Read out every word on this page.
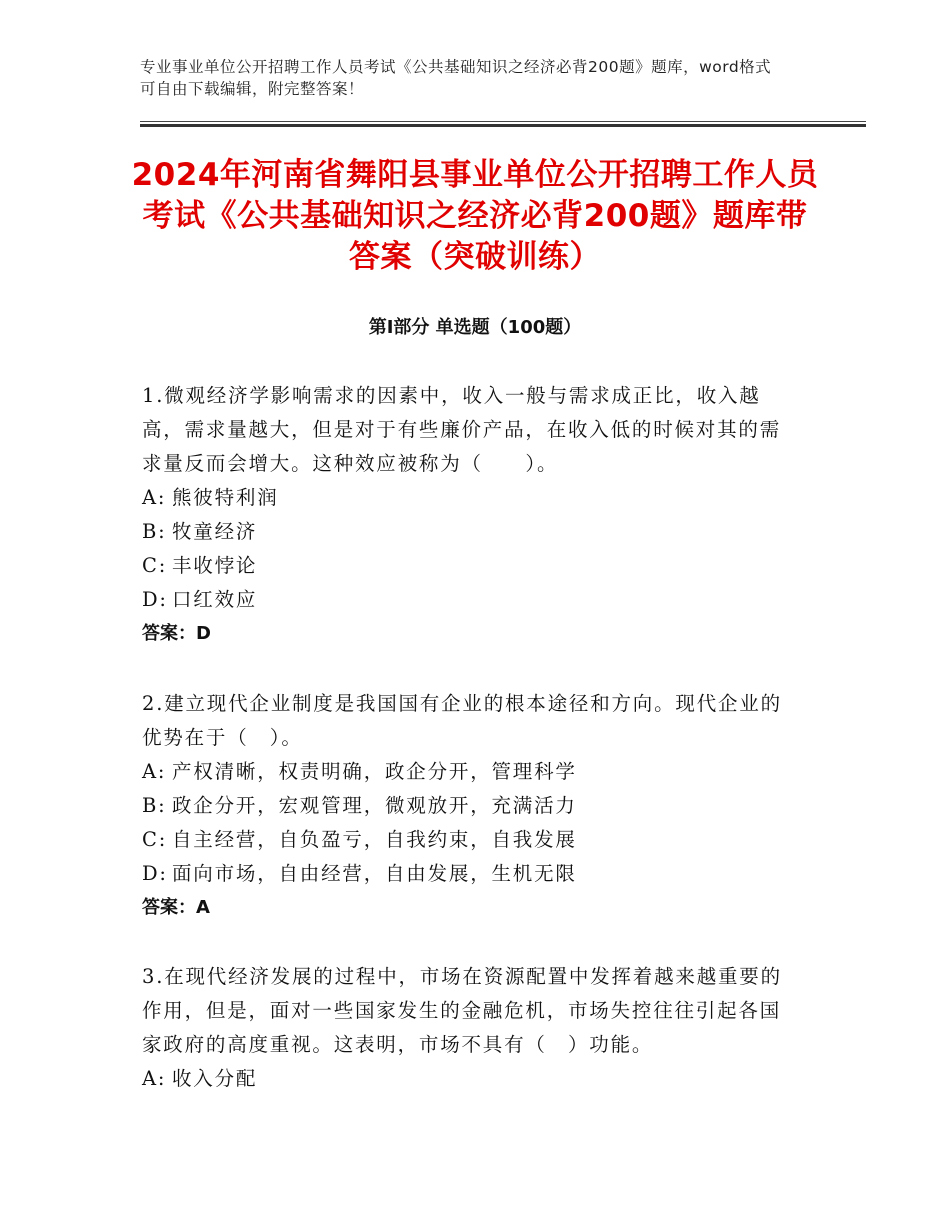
专业事业单位公开招聘工作人员考试《公共基础知识之经济必背200题》题库，word格式可自由下载编辑，附完整答案！
2024年河南省舞阳县事业单位公开招聘工作人员考试《公共基础知识之经济必背200题》题库带答案（突破训练）
第Ⅰ部分 单选题（100题）

1.微观经济学影响需求的因素中，收入一般与需求成正比，收入越高，需求量越大，但是对于有些廉价产品，在收入低的时候对其的需求量反而会增大。这种效应被称为（　　）。

A: 熊彼特利润

B: 牧童经济

C: 丰收悖论

D: 口红效应

答案：D

2.建立现代企业制度是我国国有企业的根本途径和方向。现代企业的优势在于（　）。

A: 产权清晰，权责明确，政企分开，管理科学

B: 政企分开，宏观管理，微观放开，充满活力

C: 自主经营，自负盈亏，自我约束，自我发展

D: 面向市场，自由经营，自由发展，生机无限

答案：A

3.在现代经济发展的过程中，市场在资源配置中发挥着越来越重要的作用，但是，面对一些国家发生的金融危机，市场失控往往引起各国家政府的高度重视。这表明，市场不具有（　）功能。

A: 收入分配
